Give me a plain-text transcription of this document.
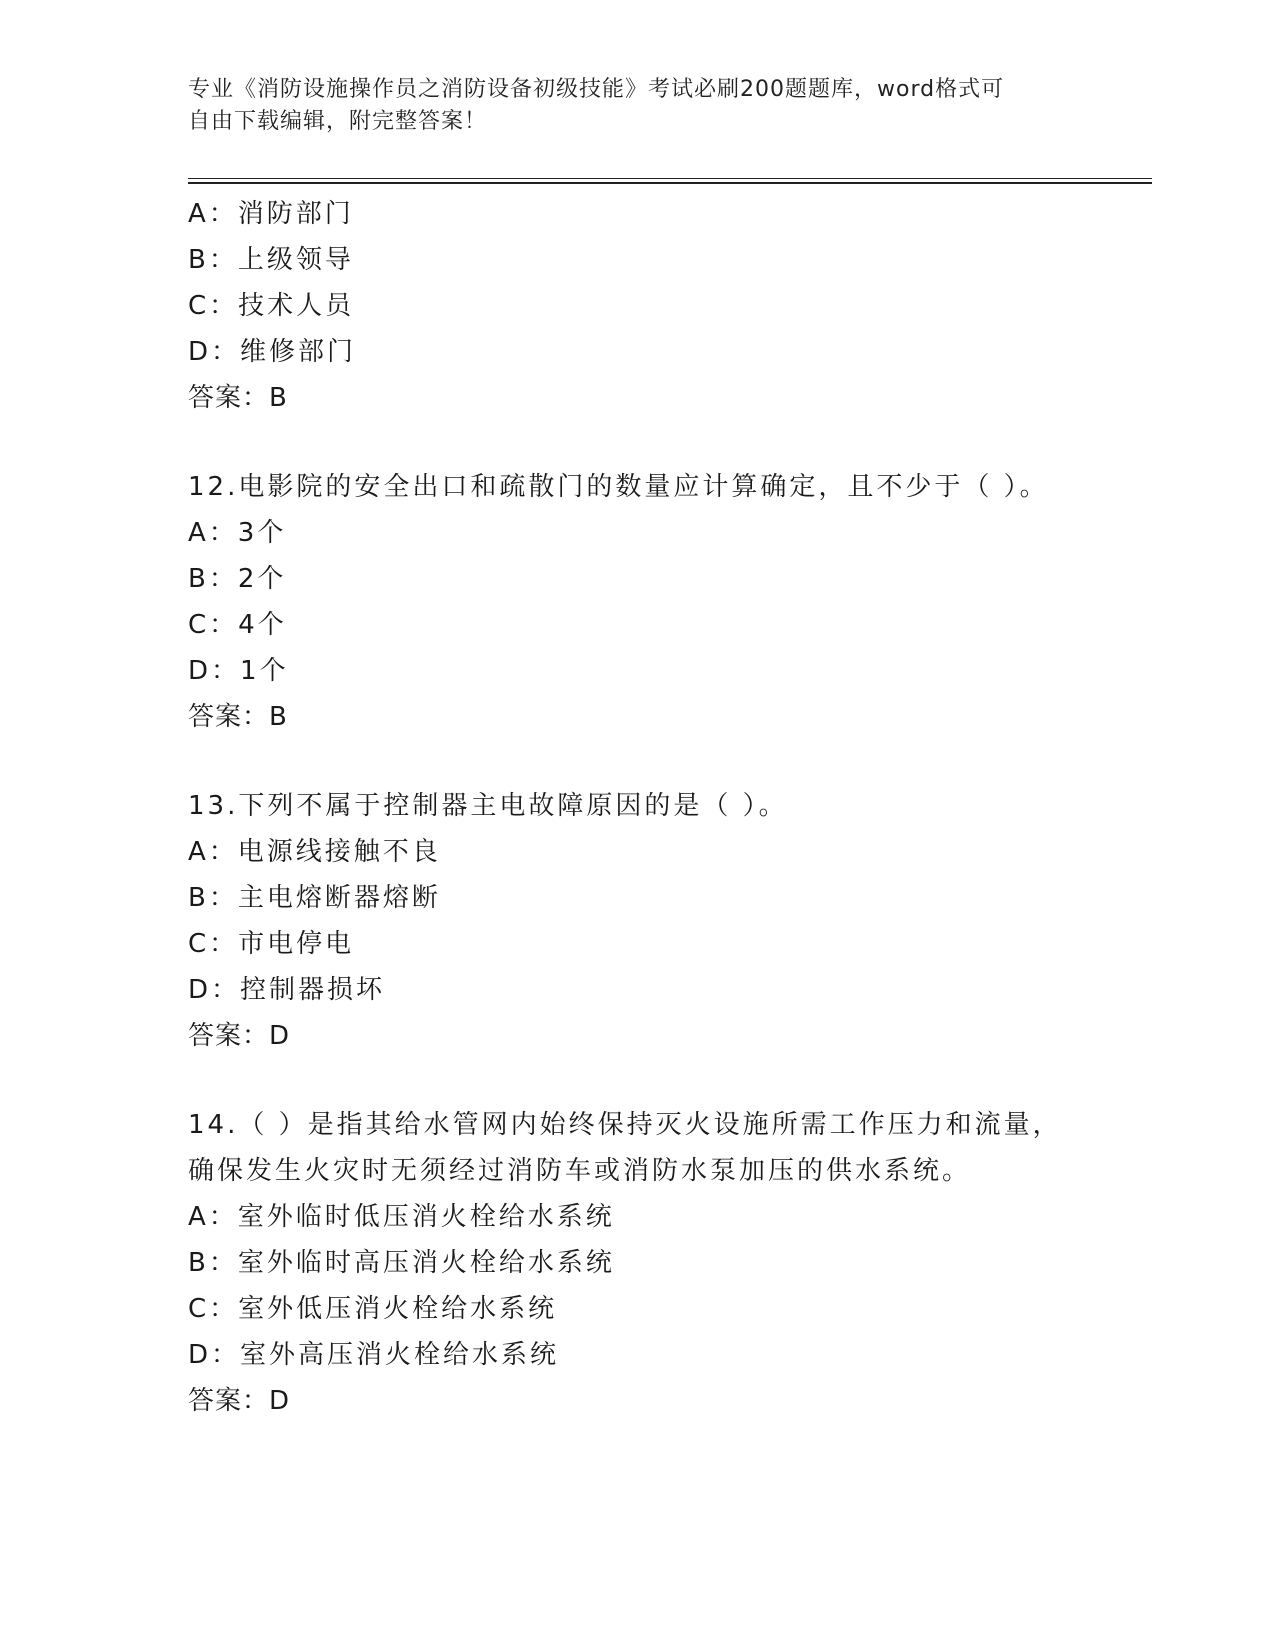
专业《消防设施操作员之消防设备初级技能》考试必刷200题题库，word格式可
自由下载编辑，附完整答案！
A：消防部门
B：上级领导
C：技术人员
D：维修部门
答案：B
12.电影院的安全出口和疏散门的数量应计算确定，且不少于（ ）。
A：3个
B：2个
C：4个
D：1个
答案：B
13.下列不属于控制器主电故障原因的是（ ）。
A：电源线接触不良
B：主电熔断器熔断
C：市电停电
D：控制器损坏
答案：D
14.（ ）是指其给水管网内始终保持灭火设施所需工作压力和流量，
确保发生火灾时无须经过消防车或消防水泵加压的供水系统。
A：室外临时低压消火栓给水系统
B：室外临时高压消火栓给水系统
C：室外低压消火栓给水系统
D：室外高压消火栓给水系统
答案：D
